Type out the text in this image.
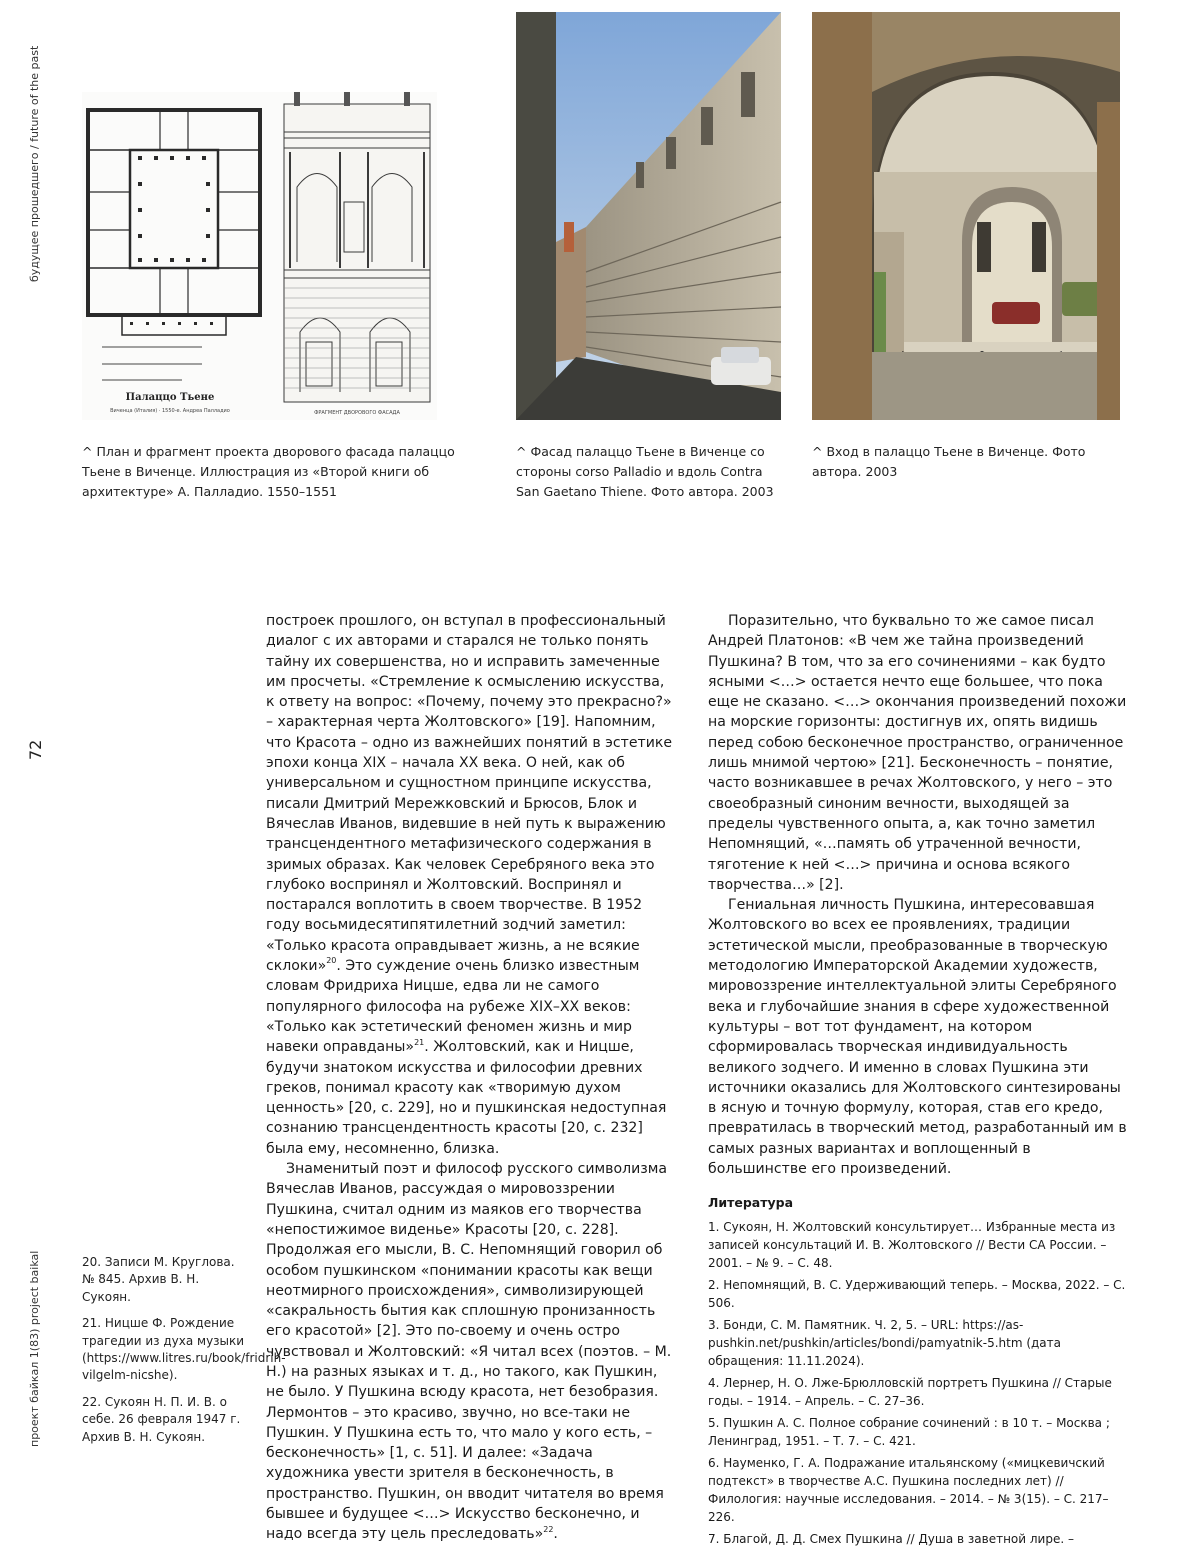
будущее прошедшего / future of the past
72
проект байкал 1(83) project baikal
Палаццо Тьене
Виченца (Италия) · 1550-е. Андреа Палладио	ФРАГМЕНТ ДВОРОВОГО ФАСАДА
^ План и фрагмент проекта дворового фасада палаццо Тьене в Виченце. Иллюстрация из «Второй книги об архитектуре» А. Палладио. 1550–1551
^ Фасад палаццо Тьене в Виченце со стороны corso Palladio и вдоль Contra San Gaetano Thiene. Фото автора. 2003
^ Вход в палаццо Тьене в Виченце. Фото автора. 2003

построек прошлого, он вступал в профессиональный диалог с их авторами и старался не только понять тайну их совершенства, но и исправить замеченные им просчеты. «Стремление к осмыслению искусства, к ответу на вопрос: «Почему, почему это прекрасно?» – характерная черта Жолтовского» [19]. Напомним, что Красота – одно из важнейших понятий в эстетике эпохи конца XIX – начала XX века. О ней, как об универсальном и сущностном принципе искусства, писали Дмитрий Мережковский и Брюсов, Блок и Вячеслав Иванов, видевшие в ней путь к выражению трансцендентного метафизического содержания в зримых образах. Как человек Серебряного века это глубоко воспринял и Жолтовский. Воспринял и постарался воплотить в своем творчестве. В 1952 году восьмидесятипятилетний зодчий заметил: «Только красота оправдывает жизнь, а не всякие склоки»$^{20}$. Это суждение очень близко известным словам Фридриха Ницше, едва ли не самого популярного философа на рубеже XIX–XX веков: «Только как эстетический феномен жизнь и мир навеки оправданы»$^{21}$. Жолтовский, как и Ницше, будучи знатоком искусства и философии древних греков, понимал красоту как «творимую духом ценность» [20, с. 229], но и пушкинская недоступная сознанию трансцендентность красоты [20, с. 232] была ему, несомненно, близка.

Знаменитый поэт и философ русского символизма Вячеслав Иванов, рассуждая о мировоззрении Пушкина, считал одним из маяков его творчества «непостижимое виденье» Красоты [20, с. 228]. Продолжая его мысли, В. С. Непомнящий говорил об особом пушкинском «понимании красоты как вещи неотмирного происхождения», символизирующей «сакральность бытия как сплошную пронизанность его красотой» [2]. Это по-своему и очень остро чувствовал и Жолтовский: «Я читал всех (поэтов. – М. Н.) на разных языках и т. д., но такого, как Пушкин, не было. У Пушкина всюду красота, нет безобразия. Лермонтов – это красиво, звучно, но все-таки не Пушкин. У Пушкина есть то, что мало у кого есть, – бесконечность» [1, с. 51]. И далее: «Задача художника увести зрителя в бесконечность, в пространство. Пушкин, он вводит читателя во время бывшее и будущее <…> Искусство бесконечно, и надо всегда эту цель преследовать»$^{22}$.

Поразительно, что буквально то же самое писал Андрей Платонов: «В чем же тайна произведений Пушкина? В том, что за его сочинениями – как будто ясными <…> остается нечто еще большее, что пока еще не сказано. <…> окончания произведений похожи на морские горизонты: достигнув их, опять видишь перед собою бесконечное пространство, ограниченное лишь мнимой чертою» [21]. Бесконечность – понятие, часто возникавшее в речах Жолтовского, у него – это своеобразный синоним вечности, выходящей за пределы чувственного опыта, а, как точно заметил Непомнящий, «…память об утраченной вечности, тяготение к ней <…> причина и основа всякого творчества…» [2].

Гениальная личность Пушкина, интересовавшая Жолтовского во всех ее проявлениях, традиции эстетической мысли, преобразованные в творческую методологию Императорской Академии художеств, мировоззрение интеллектуальной элиты Серебряного века и глубочайшие знания в сфере художественной культуры – вот тот фундамент, на котором сформировалась творческая индивидуальность великого зодчего. И именно в словах Пушкина эти источники оказались для Жолтовского синтезированы в ясную и точную формулу, которая, став его кредо, превратилась в творческий метод, разработанный им в самых разных вариантах и воплощенный в большинстве его произведений.

Литература
1. Сукоян, Н. Жолтовский консультирует… Избранные места из записей консультаций И. В. Жолтовского // Вести СА России. – 2001. – № 9. – С. 48.
2. Непомнящий, В. С. Удерживающий теперь. – Москва, 2022. – С. 506.
3. Бонди, С. М. Памятник. Ч. 2, 5. – URL: https://as-pushkin.net/pushkin/articles/bondi/pamyatnik-5.htm (дата обращения: 11.11.2024).
4. Лернер, Н. О. Лже-Брюлловскій портретъ Пушкина // Старые годы. – 1914. – Апрель. – С. 27–36.
5. Пушкин А. С. Полное собрание сочинений : в 10 т. – Москва ; Ленинград, 1951. – Т. 7. – С. 421.
6. Науменко, Г. А. Подражание итальянскому («мицкевичский подтекст» в творчестве А.С. Пушкина последних лет) // Филология: научные исследования. – 2014. – № 3(15). – С. 217–226.
7. Благой, Д. Д. Смех Пушкина // Душа в заветной лире. –
20. Записи М. Круглова. № 845. Архив В. Н. Сукоян.
21. Ницше Ф. Рождение трагедии из духа музыки (https://www.litres.ru/book/fridrih-vilgelm-nicshe).
22. Сукоян Н. П. И. В. о себе. 26 февраля 1947 г. Архив В. Н. Сукоян.
